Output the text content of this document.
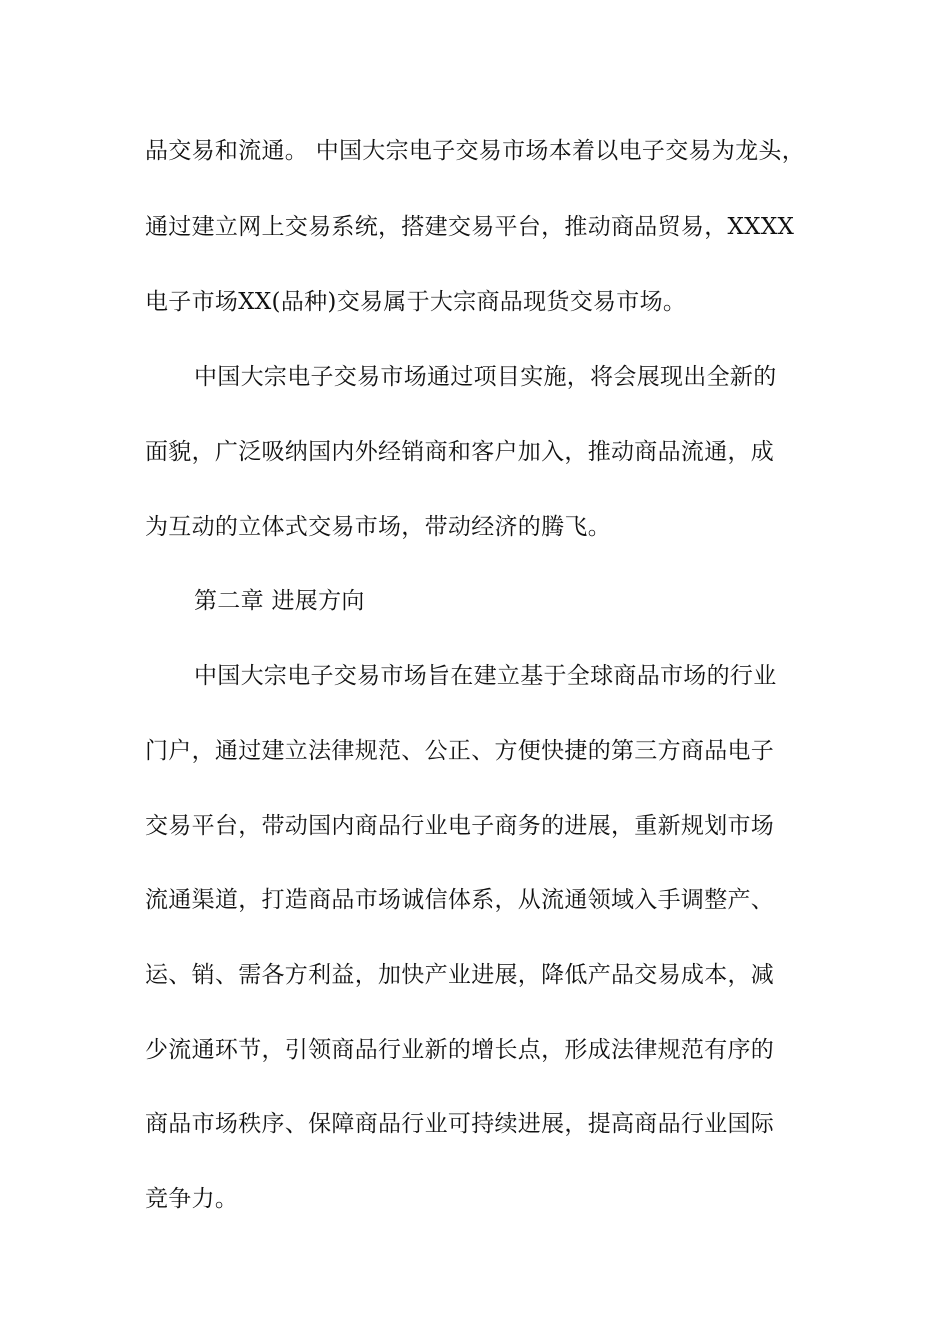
品交易和流通。 中国大宗电子交易市场本着以电子交易为龙头，
通过建立网上交易系统，搭建交易平台，推动商品贸易，XXXX
电子市场XX(品种)交易属于大宗商品现货交易市场。
中国大宗电子交易市场通过项目实施，将会展现出全新的
面貌，广泛吸纳国内外经销商和客户加入，推动商品流通，成
为互动的立体式交易市场，带动经济的腾飞。
第二章 进展方向
中国大宗电子交易市场旨在建立基于全球商品市场的行业
门户，通过建立法律规范、公正、方便快捷的第三方商品电子
交易平台，带动国内商品行业电子商务的进展，重新规划市场
流通渠道，打造商品市场诚信体系，从流通领域入手调整产、
运、销、需各方利益，加快产业进展，降低产品交易成本，减
少流通环节，引领商品行业新的增长点，形成法律规范有序的
商品市场秩序、保障商品行业可持续进展，提高商品行业国际
竞争力。
